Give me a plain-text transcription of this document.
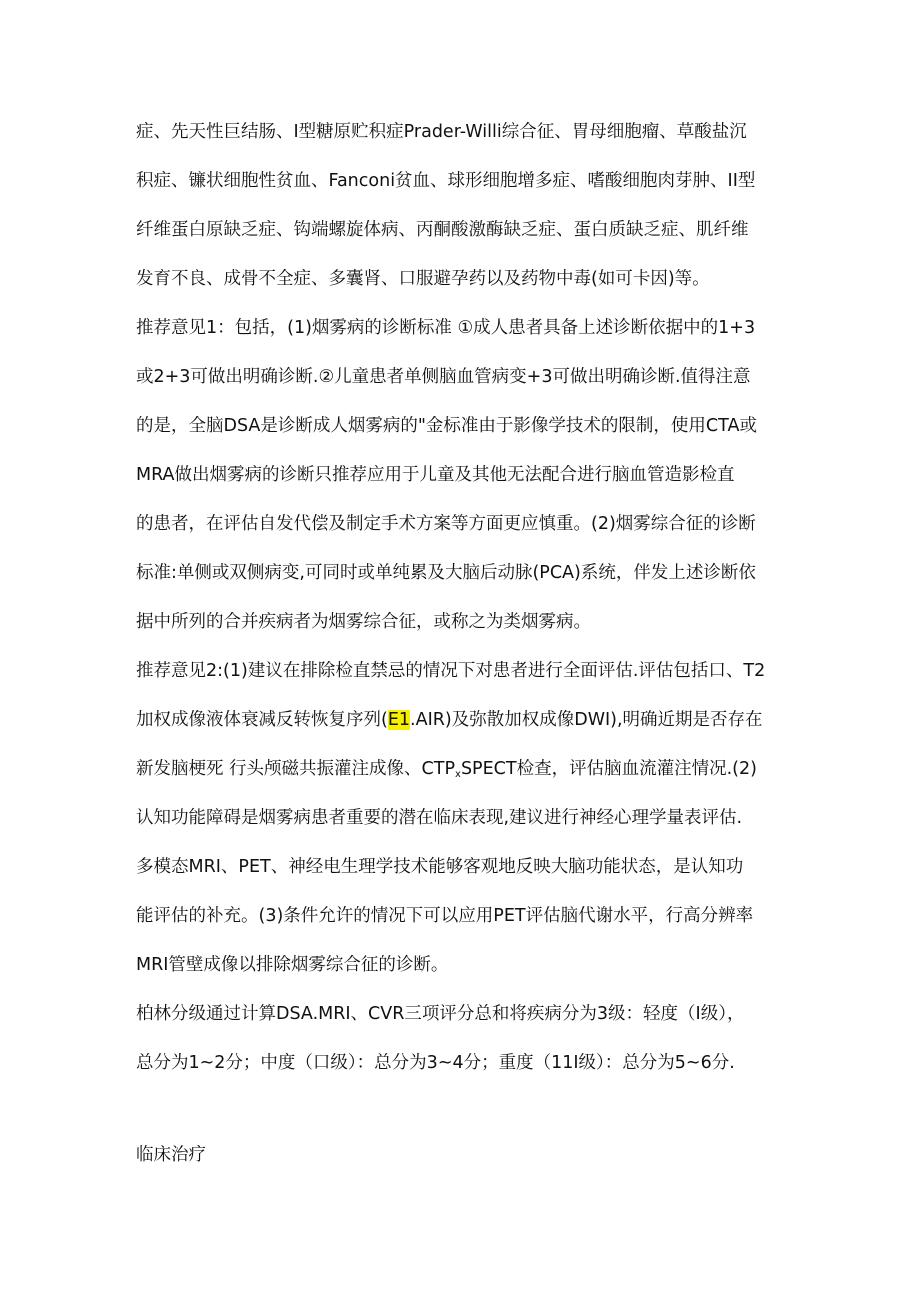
症、先天性巨结肠、I型糖原贮积症Prader-Willi综合征、胃母细胞瘤、草酸盐沉
积症、镰状细胞性贫血、Fanconi贫血、球形细胞增多症、嗜酸细胞肉芽肿、II型
纤维蛋白原缺乏症、钩端螺旋体病、丙酮酸激酶缺乏症、蛋白质缺乏症、肌纤维
发育不良、成骨不全症、多囊肾、口服避孕药以及药物中毒(如可卡因)等。
推荐意见1：包括，(1)烟雾病的诊断标准 ①成人患者具备上述诊断依据中的1+3
或2+3可做出明确诊断.②儿童患者单侧脑血管病变+3可做出明确诊断.值得注意
的是，全脑DSA是诊断成人烟雾病的"金标准由于影像学技术的限制，使用CTA或
MRA做出烟雾病的诊断只推荐应用于儿童及其他无法配合进行脑血管造影检直
的患者，在评估自发代偿及制定手术方案等方面更应慎重。(2)烟雾综合征的诊断
标准:单侧或双侧病变,可同时或单纯累及大脑后动脉(PCA)系统，伴发上述诊断依
据中所列的合并疾病者为烟雾综合征，或称之为类烟雾病。
推荐意见2:(1)建议在排除检直禁忌的情况下对患者进行全面评估.评估包括口、T2
加权成像液体衰减反转恢复序列(E1.AIR)及弥散加权成像DWI),明确近期是否存在
新发脑梗死 行头颅磁共振灌注成像、$CTP_xSPECT$检查，评估脑血流灌注情况.(2)
认知功能障碍是烟雾病患者重要的潜在临床表现,建议进行神经心理学量表评估.
多模态MRI、PET、神经电生理学技术能够客观地反映大脑功能状态，是认知功
能评估的补充。(3)条件允许的情况下可以应用PET评估脑代谢水平，行高分辨率
MRI管壁成像以排除烟雾综合征的诊断。
柏林分级通过计算DSA.MRI、CVR三项评分总和将疾病分为3级：轻度（I级），
总分为1~2分；中度（口级）：总分为3~4分；重度（11I级）：总分为5~6分.
临床治疗
